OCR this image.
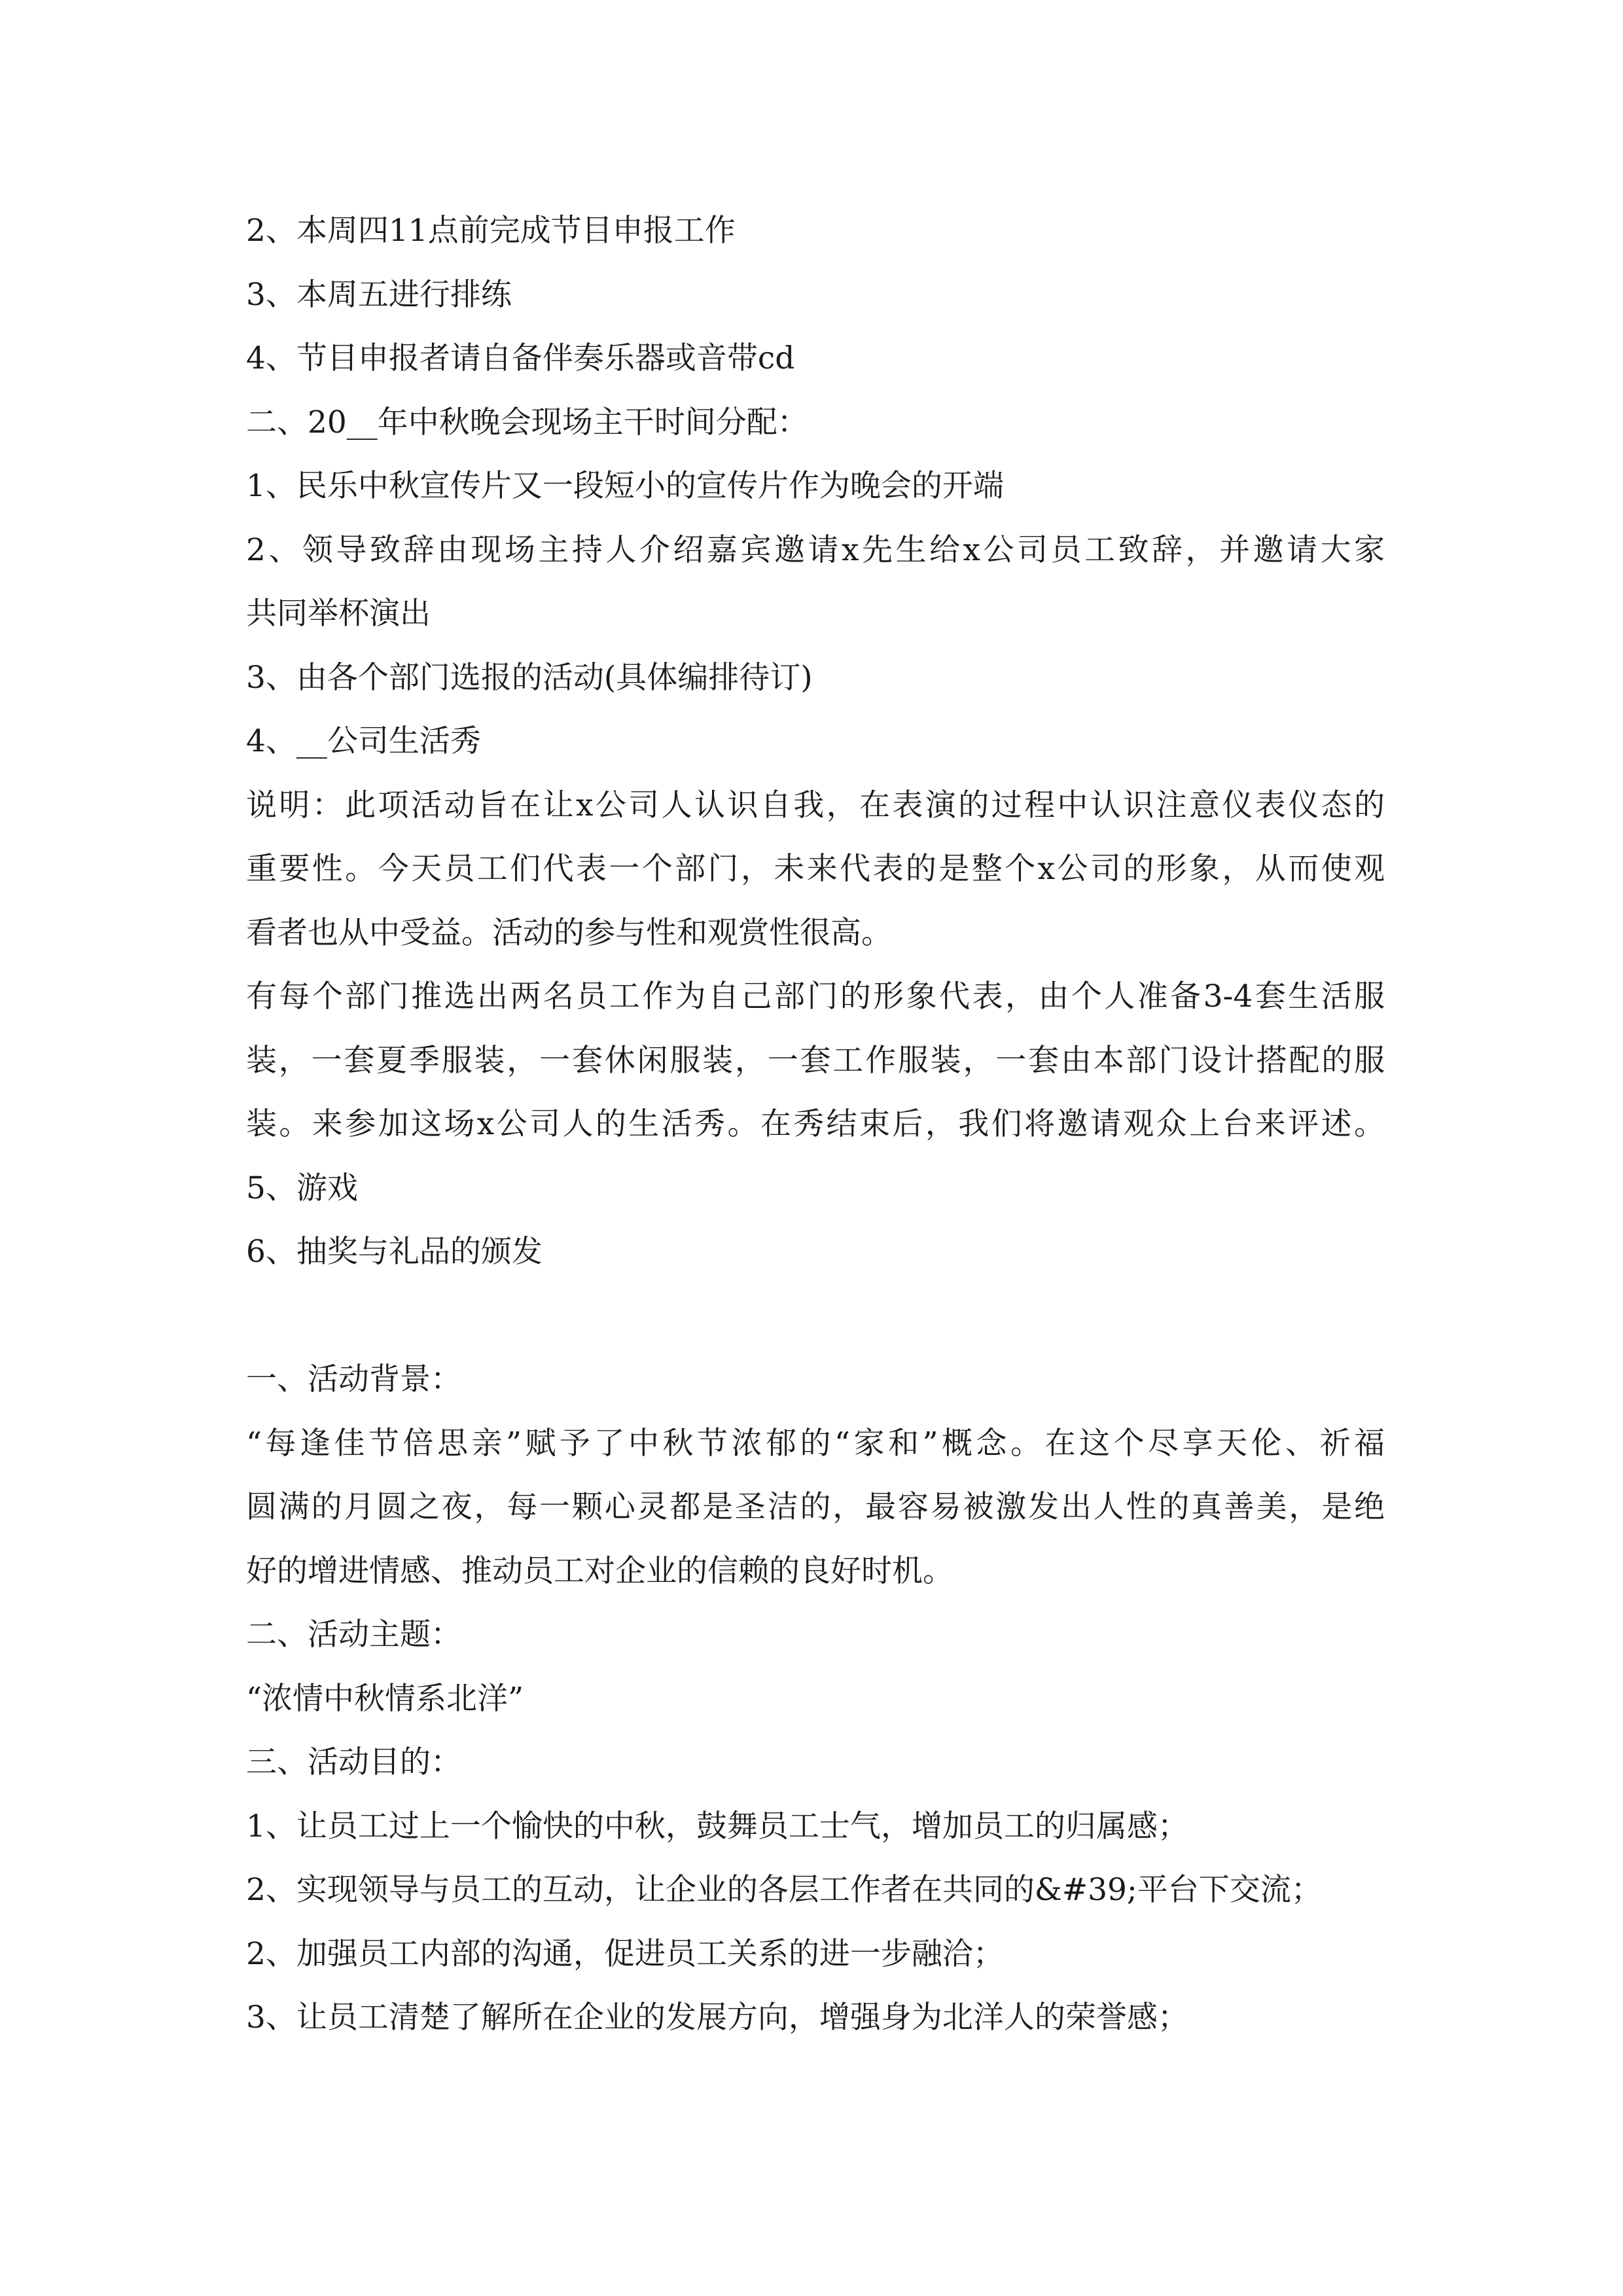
2、本周四11点前完成节目申报工作
3、本周五进行排练
4、节目申报者请自备伴奏乐器或音带cd
二、20__年中秋晚会现场主干时间分配：
1、民乐中秋宣传片又一段短小的宣传片作为晚会的开端
2、领导致辞由现场主持人介绍嘉宾邀请x先生给x公司员工致辞，并邀请大家
共同举杯演出
3、由各个部门选报的活动(具体编排待订)
4、__公司生活秀
说明：此项活动旨在让x公司人认识自我，在表演的过程中认识注意仪表仪态的
重要性。今天员工们代表一个部门，未来代表的是整个x公司的形象，从而使观
看者也从中受益。活动的参与性和观赏性很高。
有每个部门推选出两名员工作为自己部门的形象代表，由个人准备3-4套生活服
装，一套夏季服装，一套休闲服装，一套工作服装，一套由本部门设计搭配的服
装。来参加这场x公司人的生活秀。在秀结束后，我们将邀请观众上台来评述。
5、游戏
6、抽奖与礼品的颁发
一、活动背景：
“每逢佳节倍思亲”赋予了中秋节浓郁的“家和”概念。在这个尽享天伦、祈福
圆满的月圆之夜，每一颗心灵都是圣洁的，最容易被激发出人性的真善美，是绝
好的增进情感、推动员工对企业的信赖的良好时机。
二、活动主题：
“浓情中秋情系北洋”
三、活动目的：
1、让员工过上一个愉快的中秋，鼓舞员工士气，增加员工的归属感；
2、实现领导与员工的互动，让企业的各层工作者在共同的&#39;平台下交流；
2、加强员工内部的沟通，促进员工关系的进一步融洽；
3、让员工清楚了解所在企业的发展方向，增强身为北洋人的荣誉感；
